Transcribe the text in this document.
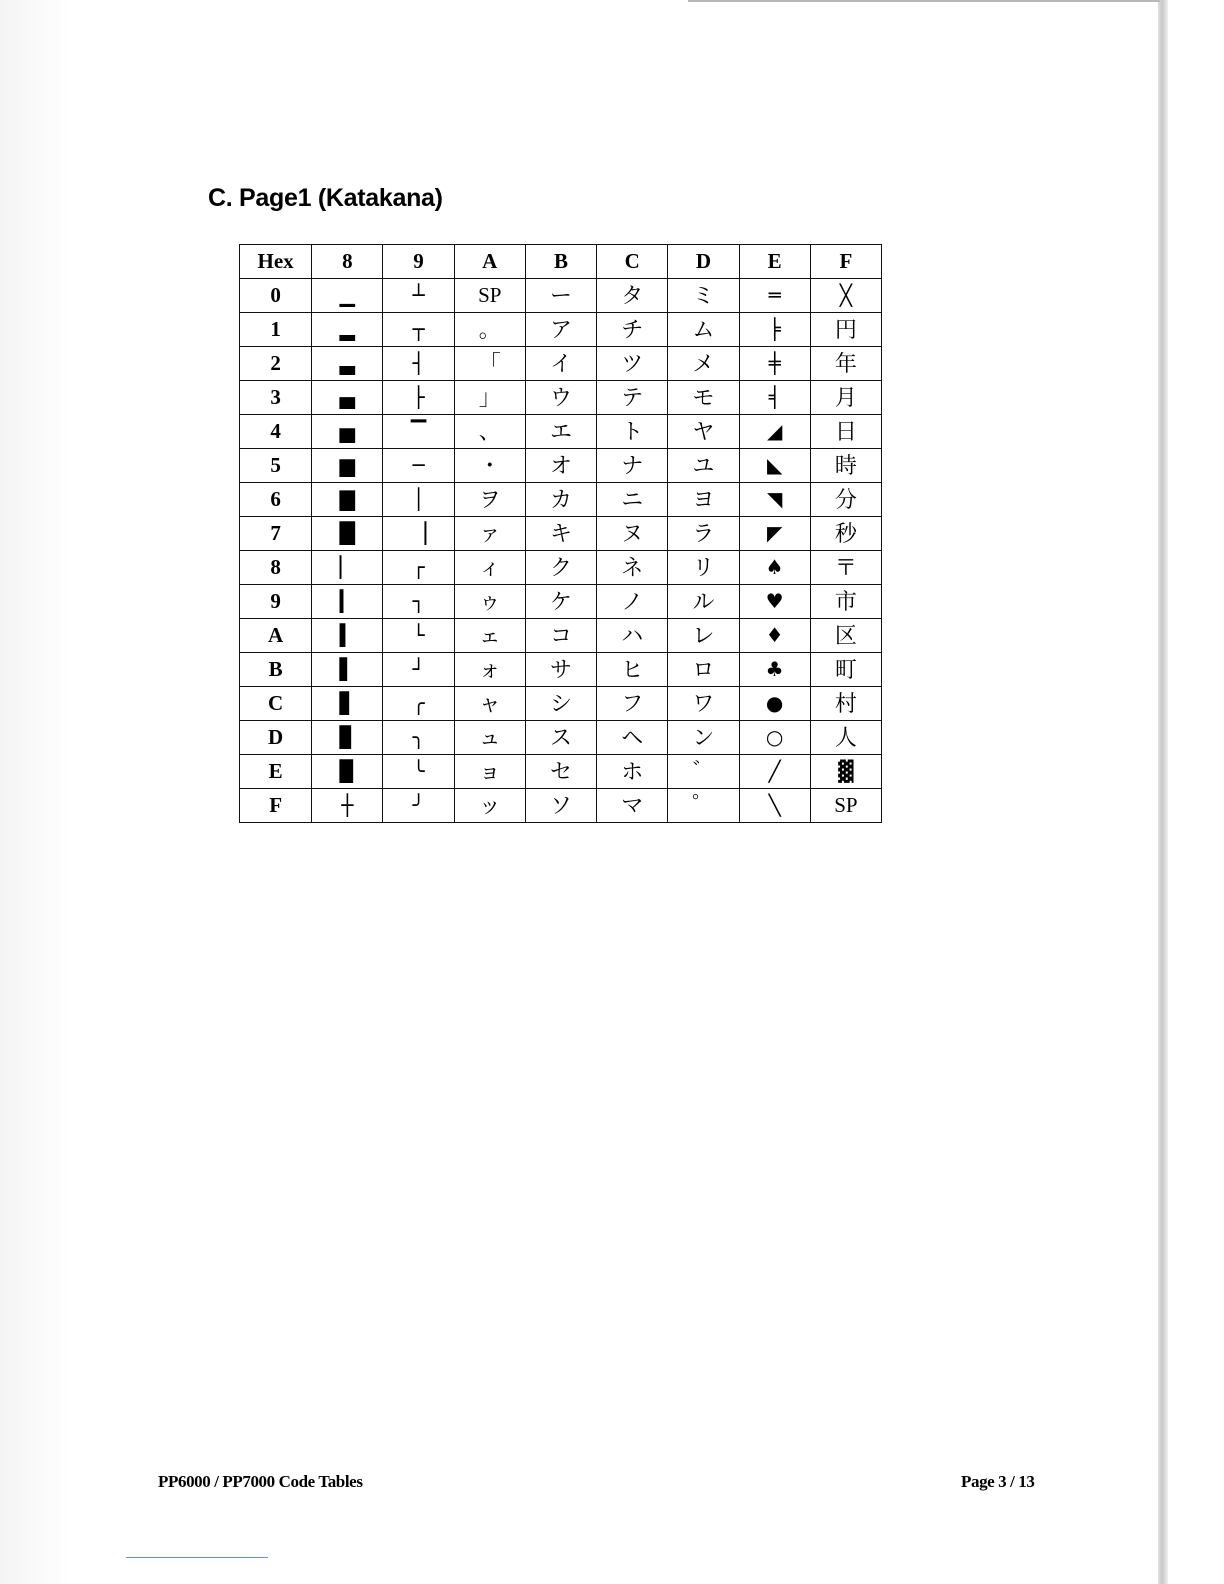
C. Page1 (Katakana)
Hex	8	9	A	B	C	D	E	F
0	▁	┴	SP	ー	タ	ミ	═	╳
1	▂	┬	。	ア	チ	ム	╞	円
2	▃	┤	「	イ	ツ	メ	╪	年
3	▄	├	」	ウ	テ	モ	╡	月
4	▅	▔	、	エ	ト	ヤ	◢	日
5	▆	─	・	オ	ナ	ユ	◣	時
6	▇	│	ヲ	カ	ニ	ヨ	◥	分
7	█	▕	ァ	キ	ヌ	ラ	◤	秒
8	▏	┌	ィ	ク	ネ	リ	♠	〒
9	▎	┐	ゥ	ケ	ノ	ル	♥	市
A	▍	└	ェ	コ	ハ	レ	♦	区
B	▌	┘	ォ	サ	ヒ	ロ	♣	町
C	▋	╭	ャ	シ	フ	ワ	●	村
D	▊	╮	ュ	ス	ヘ	ン	○	人
E	▉	╰	ョ	セ	ホ	゛	╱	▓
F	┼	╯	ッ	ソ	マ	゜	╲	SP
PP6000 / PP7000 Code Tables	Page 3 / 13
